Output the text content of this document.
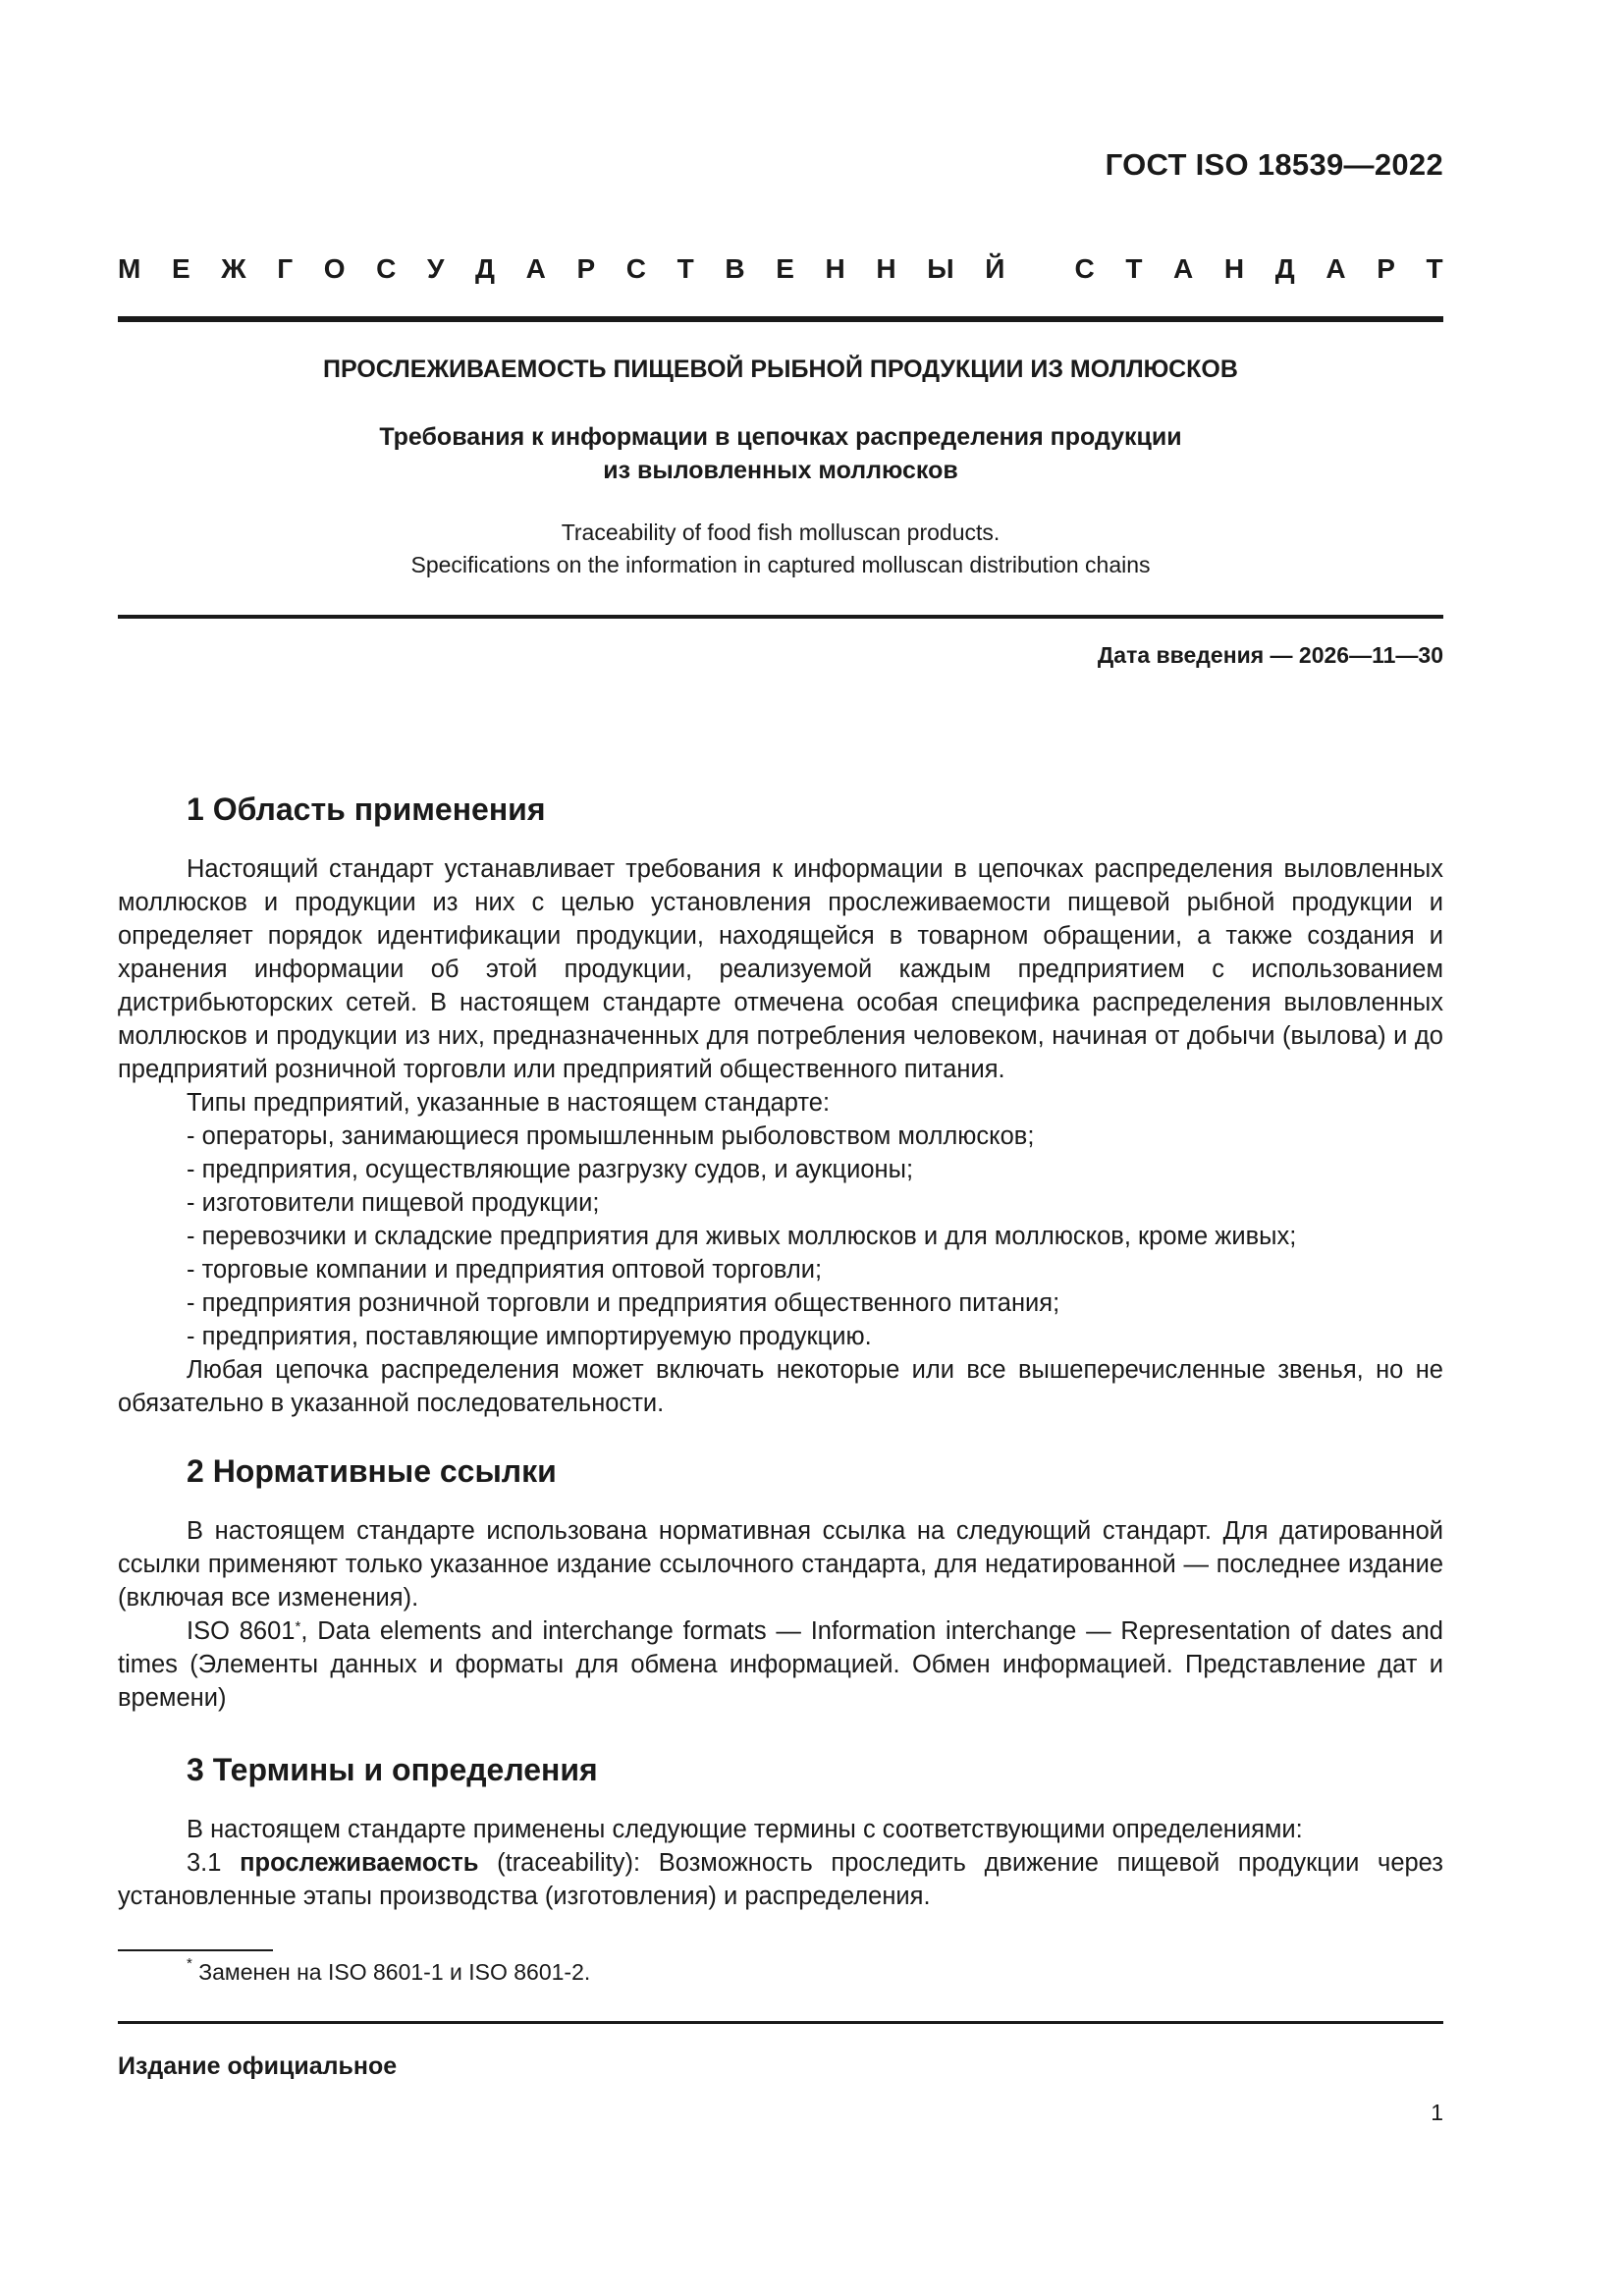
ГОСТ ISO 18539—2022
М Е Ж Г О С У Д А Р С Т В Е Н Н Ы Й
	С Т А Н Д А Р Т
ПРОСЛЕЖИВАЕМОСТЬ ПИЩЕВОЙ РЫБНОЙ ПРОДУКЦИИ ИЗ МОЛЛЮСКОВ
Требования к информации в цепочках распределения продукции
из выловленных моллюсков
Traceability of food fish molluscan products.
Specifications on the information in captured molluscan distribution chains
Дата введения — 2026—11—30
1 Область применения

Настоящий стандарт устанавливает требования к информации в цепочках распределения выловленных моллюсков и продукции из них с целью установления прослеживаемости пищевой рыбной продукции и определяет порядок идентификации продукции, находящейся в товарном обращении, а также создания и хранения информации об этой продукции, реализуемой каждым предприятием с использованием дистрибьюторских сетей. В настоящем стандарте отмечена особая специфика распределения выловленных моллюсков и продукции из них, предназначенных для потребления человеком, начиная от добычи (вылова) и до предприятий розничной торговли или предприятий общественного питания.

Типы предприятий, указанные в настоящем стандарте:

- операторы, занимающиеся промышленным рыболовством моллюсков;

- предприятия, осуществляющие разгрузку судов, и аукционы;

- изготовители пищевой продукции;

- перевозчики и складские предприятия для живых моллюсков и для моллюсков, кроме живых;

- торговые компании и предприятия оптовой торговли;

- предприятия розничной торговли и предприятия общественного питания;

- предприятия, поставляющие импортируемую продукцию.

Любая цепочка распределения может включать некоторые или все вышеперечисленные звенья, но не обязательно в указанной последовательности.

2 Нормативные ссылки

В настоящем стандарте использована нормативная ссылка на следующий стандарт. Для датированной ссылки применяют только указанное издание ссылочного стандарта, для недатированной — последнее издание (включая все изменения).

ISO 8601*, Data elements and interchange formats — Information interchange — Representation of dates and times (Элементы данных и форматы для обмена информацией. Обмен информацией. Представление дат и времени)

3 Термины и определения

В настоящем стандарте применены следующие термины с соответствующими определениями:

3.1 прослеживаемость (traceability): Возможность проследить движение пищевой продукции через установленные этапы производства (изготовления) и распределения.

* Заменен на ISO 8601-1 и ISO 8601-2.
Издание официальное
1
